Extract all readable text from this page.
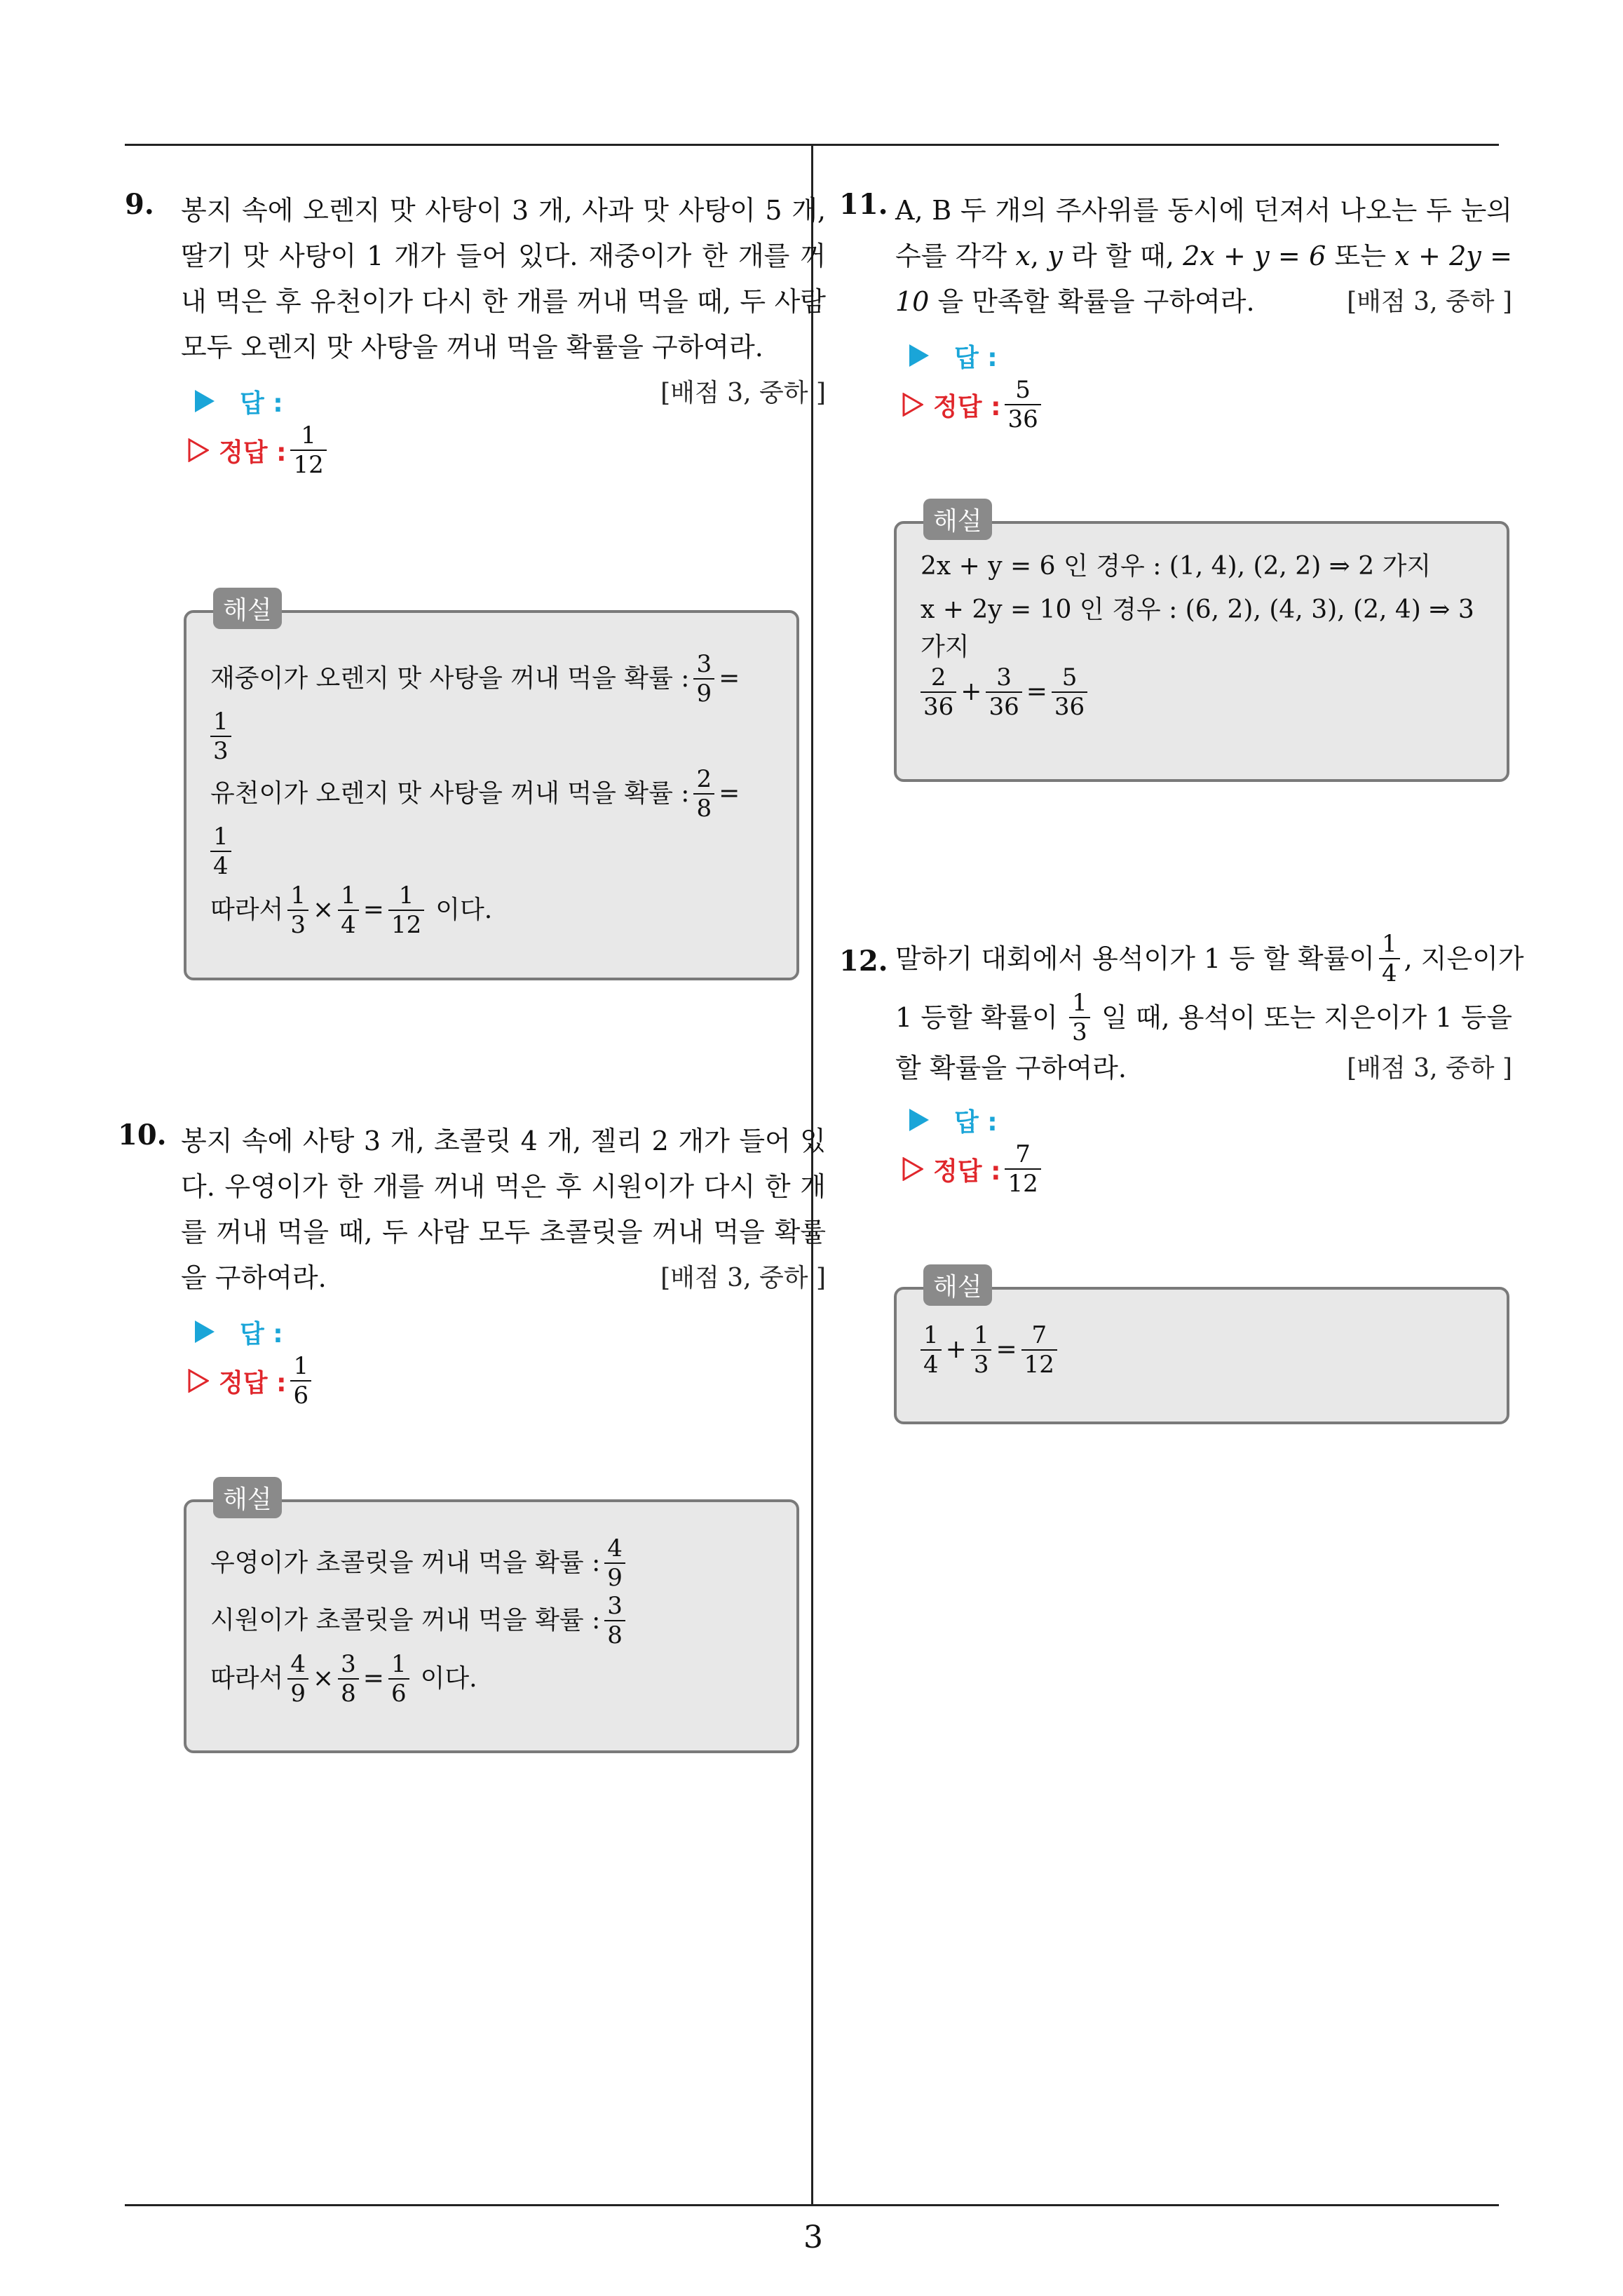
3
9. 봉지 속에 오렌지 맛 사탕이 3 개, 사과 맛 사탕이 5 개, 딸기 맛 사탕이 1 개가 들어 있다. 재중이가 한 개를 꺼내 먹은 후 유천이가 다시 한 개를 꺼내 먹을 때, 두 사람 모두 오렌지 맛 사탕을 꺼내 먹을 확률을 구하여라.
[배점 3, 중하 ]
답 :
정답 : $\frac{1}{12}$
해설
재중이가 오렌지 맛 사탕을 꺼내 먹을 확률 : $\frac{3}{9}$ =
$\frac{1}{3}$
유천이가 오렌지 맛 사탕을 꺼내 먹을 확률 : $\frac{2}{8}$ =
$\frac{1}{4}$
따라서 $\frac{1}{3} \times \frac{1}{4} = \frac{1}{12}$ 이다.
10. 봉지 속에 사탕 3 개, 초콜릿 4 개, 젤리 2 개가 들어 있다. 우영이가 한 개를 꺼내 먹은 후 시원이가 다시 한 개를 꺼내 먹을 때, 두 사람 모두 초콜릿을 꺼내 먹을 확률을 구하여라.	[배점 3, 중하 ]
답 :
정답 : $\frac{1}{6}$
해설
우영이가 초콜릿을 꺼내 먹을 확률 : $\frac{4}{9}$
시원이가 초콜릿을 꺼내 먹을 확률 : $\frac{3}{8}$
따라서 $\frac{4}{9} \times \frac{3}{8} = \frac{1}{6}$ 이다.
11. A, B 두 개의 주사위를 동시에 던져서 나오는 두 눈의 수를 각각 x, y 라 할 때, 2x + y = 6 또는 x + 2y = 10 을 만족할 확률을 구하여라.	[배점 3, 중하 ]
답 :
정답 : $\frac{5}{36}$
해설
2x + y = 6 인 경우 : (1, 4), (2, 2) ⇒ 2 가지
x + 2y = 10 인 경우 : (6, 2), (4, 3), (2, 4) ⇒ 3
가지
$\frac{2}{36} + \frac{3}{36} = \frac{5}{36}$
12. 말하기 대회에서 용석이가 1 등 할 확률이 $\frac{1}{4}$ , 지은이가
1 등할 확률이 $\frac{1}{3}$ 일 때, 용석이 또는 지은이가 1 등을
할 확률을 구하여라.	[배점 3, 중하 ]
답 :
정답 : $\frac{7}{12}$
해설
$\frac{1}{4} + \frac{1}{3} = \frac{7}{12}$
